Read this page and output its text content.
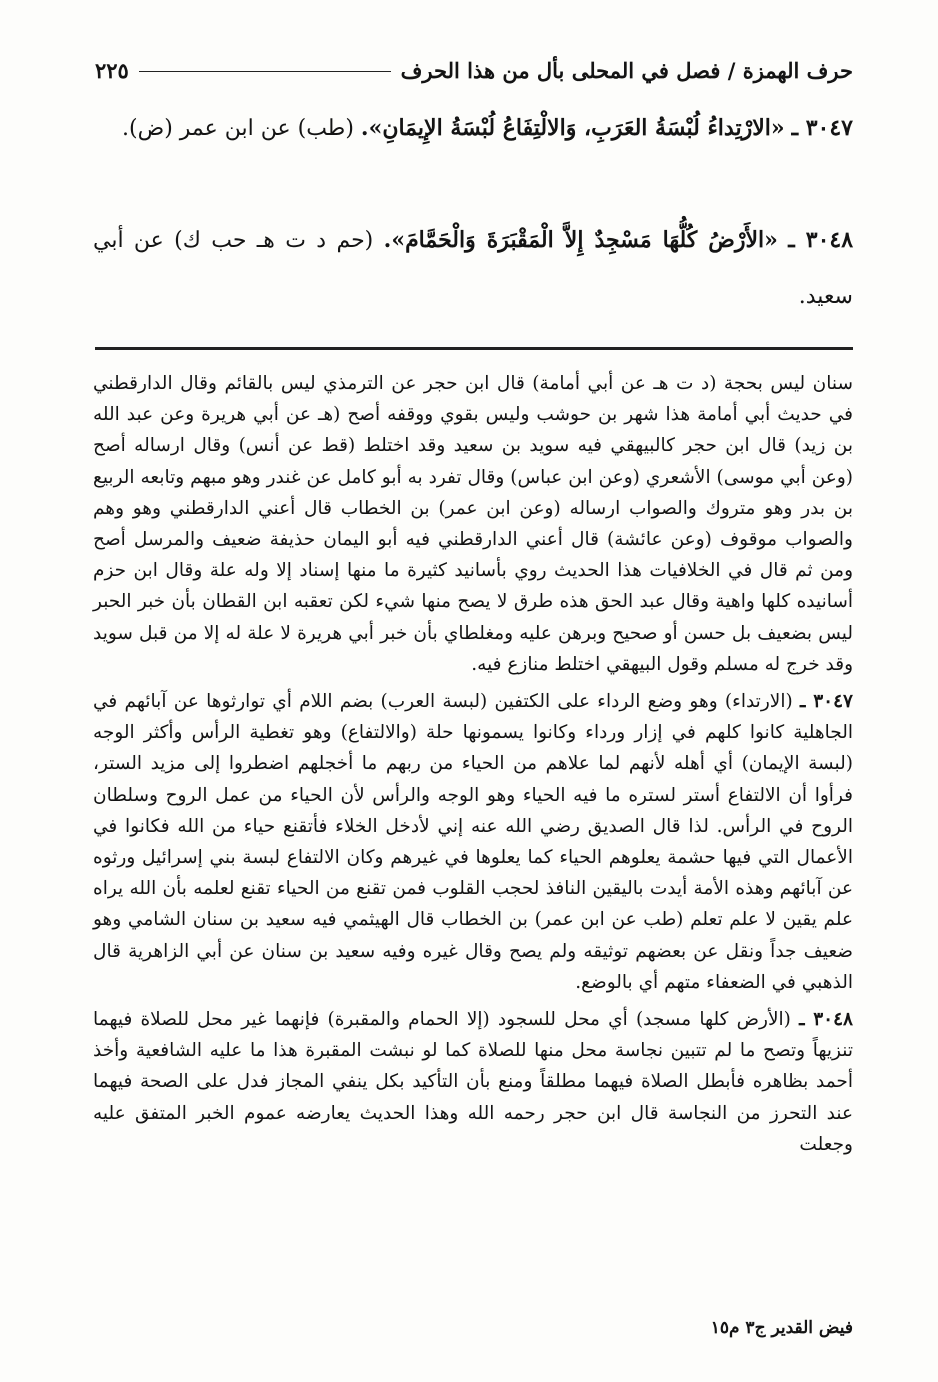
حرف الهمزة / فصل في المحلى بأل من هذا الحرف
٢٢٥
٣٠٤٧ ـ «الارْتِداءُ لُبْسَةُ العَرَبِ، وَالالْتِفَاعُ لُبْسَةُ الإِيمَانِ». (طب) عن ابن عمر (ض).
٣٠٤٨ ـ «الأَرْضُ كُلُّهَا مَسْجِدٌ إِلاَّ الْمَقْبَرَةَ وَالْحَمَّامَ». (حم د ت هـ حب ك) عن أبي سعيد.

سنان ليس بحجة (د ت هـ عن أبي أمامة) قال ابن حجر عن الترمذي ليس بالقائم وقال الدارقطني في حديث أبي أمامة هذا شهر بن حوشب وليس بقوي ووقفه أصح (هـ عن أبي هريرة وعن عبد الله بن زيد) قال ابن حجر كالبيهقي فيه سويد بن سعيد وقد اختلط (قط عن أنس) وقال ارساله أصح (وعن أبي موسى) الأشعري (وعن ابن عباس) وقال تفرد به أبو كامل عن غندر وهو مبهم وتابعه الربيع بن بدر وهو متروك والصواب ارساله (وعن ابن عمر) بن الخطاب قال أعني الدارقطني وهو وهم والصواب موقوف (وعن عائشة) قال أعني الدارقطني فيه أبو اليمان حذيفة ضعيف والمرسل أصح ومن ثم قال في الخلافيات هذا الحديث روي بأسانيد كثيرة ما منها إسناد إلا وله علة وقال ابن حزم أسانيده كلها واهية وقال عبد الحق هذه طرق لا يصح منها شيء لكن تعقبه ابن القطان بأن خبر الحبر ليس بضعيف بل حسن أو صحيح وبرهن عليه ومغلطاي بأن خبر أبي هريرة لا علة له إلا من قبل سويد وقد خرج له مسلم وقول البيهقي اختلط منازع فيه.

٣٠٤٧ ـ (الارتداء) وهو وضع الرداء على الكتفين (لبسة العرب) بضم اللام أي توارثوها عن آبائهم في الجاهلية كانوا كلهم في إزار ورداء وكانوا يسمونها حلة (والالتفاع) وهو تغطية الرأس وأكثر الوجه (لبسة الإيمان) أي أهله لأنهم لما علاهم من الحياء من ربهم ما أخجلهم اضطروا إلى مزيد الستر، فرأوا أن الالتفاع أستر لستره ما فيه الحياء وهو الوجه والرأس لأن الحياء من عمل الروح وسلطان الروح في الرأس. لذا قال الصديق رضي الله عنه إني لأدخل الخلاء فأتقنع حياء من الله فكانوا في الأعمال التي فيها حشمة يعلوهم الحياء كما يعلوها في غيرهم وكان الالتفاع لبسة بني إسرائيل ورثوه عن آبائهم وهذه الأمة أيدت باليقين النافذ لحجب القلوب فمن تقنع من الحياء تقنع لعلمه بأن الله يراه علم يقين لا علم تعلم (طب عن ابن عمر) بن الخطاب قال الهيثمي فيه سعيد بن سنان الشامي وهو ضعيف جداً ونقل عن بعضهم توثيقه ولم يصح وقال غيره وفيه سعيد بن سنان عن أبي الزاهرية قال الذهبي في الضعفاء متهم أي بالوضع.

٣٠٤٨ ـ (الأرض كلها مسجد) أي محل للسجود (إلا الحمام والمقبرة) فإنهما غير محل للصلاة فيهما تنزيهاً وتصح ما لم تتبين نجاسة محل منها للصلاة كما لو نبشت المقبرة هذا ما عليه الشافعية وأخذ أحمد بظاهره فأبطل الصلاة فيهما مطلقاً ومنع بأن التأكيد بكل ينفي المجاز فدل على الصحة فيهما عند التحرز من النجاسة قال ابن حجر رحمه الله وهذا الحديث يعارضه عموم الخبر المتفق عليه وجعلت

فيض القدير ج٣ م١٥
